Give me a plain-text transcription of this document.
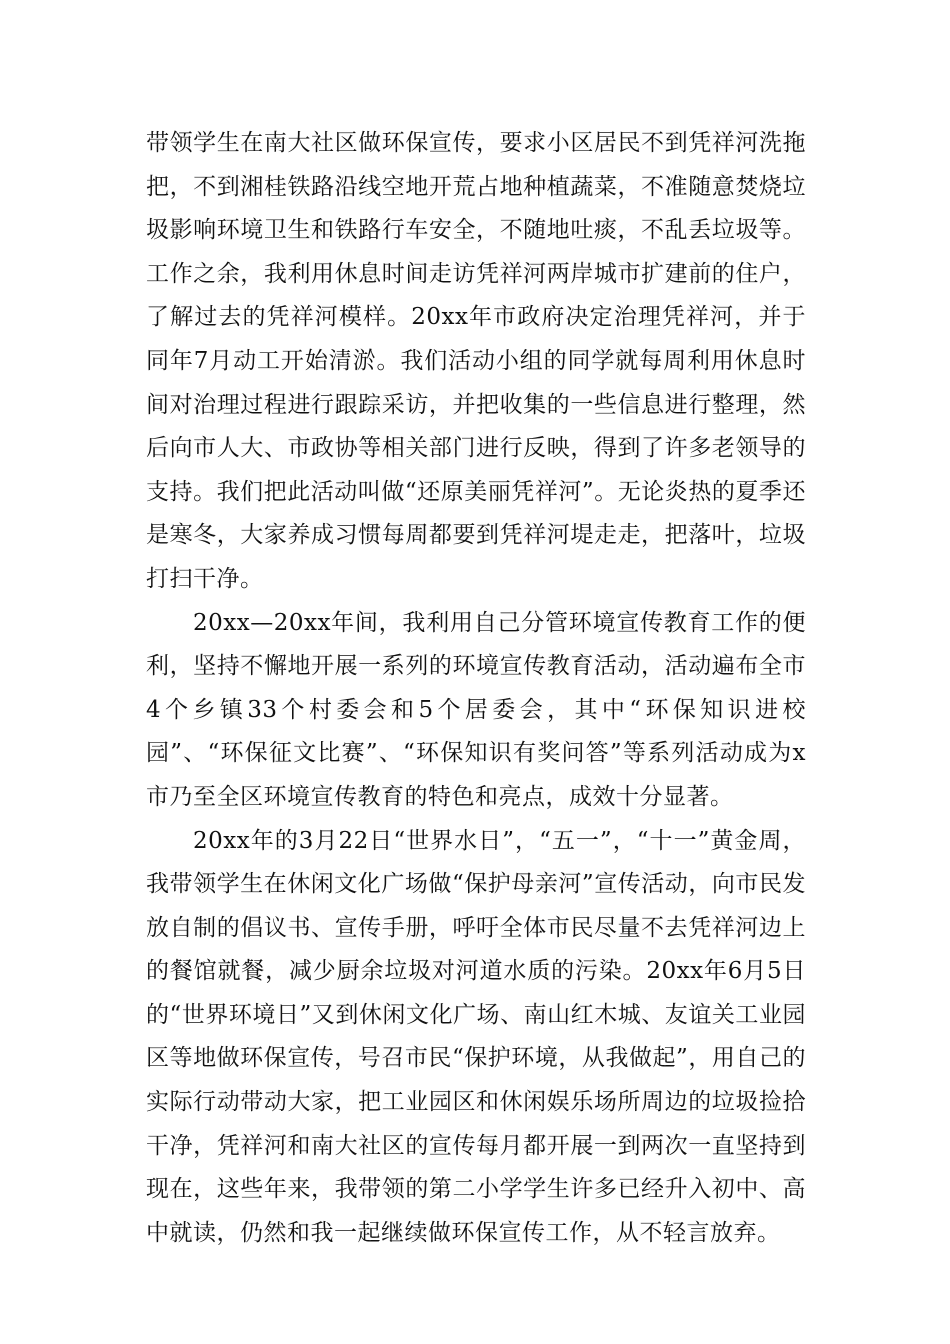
带领学生在南大社区做环保宣传，要求小区居民不到凭祥河洗拖把，不到湘桂铁路沿线空地开荒占地种植蔬菜，不准随意焚烧垃圾影响环境卫生和铁路行车安全，不随地吐痰，不乱丢垃圾等。工作之余，我利用休息时间走访凭祥河两岸城市扩建前的住户，了解过去的凭祥河模样。20xx年市政府决定治理凭祥河，并于同年7月动工开始清淤。我们活动小组的同学就每周利用休息时间对治理过程进行跟踪采访，并把收集的一些信息进行整理，然后向市人大、市政协等相关部门进行反映，得到了许多老领导的支持。我们把此活动叫做“还原美丽凭祥河”。无论炎热的夏季还是寒冬，大家养成习惯每周都要到凭祥河堤走走，把落叶，垃圾打扫干净。

20xx—20xx年间，我利用自己分管环境宣传教育工作的便利，坚持不懈地开展一系列的环境宣传教育活动，活动遍布全市4个乡镇33个村委会和5个居委会，其中“环保知识进校园”、“环保征文比赛”、“环保知识有奖问答”等系列活动成为x市乃至全区环境宣传教育的特色和亮点，成效十分显著。

20xx年的3月22日“世界水日”，“五一”，“十一”黄金周，我带领学生在休闲文化广场做“保护母亲河”宣传活动，向市民发放自制的倡议书、宣传手册，呼吁全体市民尽量不去凭祥河边上的餐馆就餐，减少厨余垃圾对河道水质的污染。20xx年6月5日的“世界环境日”又到休闲文化广场、南山红木城、友谊关工业园区等地做环保宣传，号召市民“保护环境，从我做起”，用自己的实际行动带动大家，把工业园区和休闲娱乐场所周边的垃圾捡拾干净，凭祥河和南大社区的宣传每月都开展一到两次一直坚持到现在，这些年来，我带领的第二小学学生许多已经升入初中、高中就读，仍然和我一起继续做环保宣传工作，从不轻言放弃。
